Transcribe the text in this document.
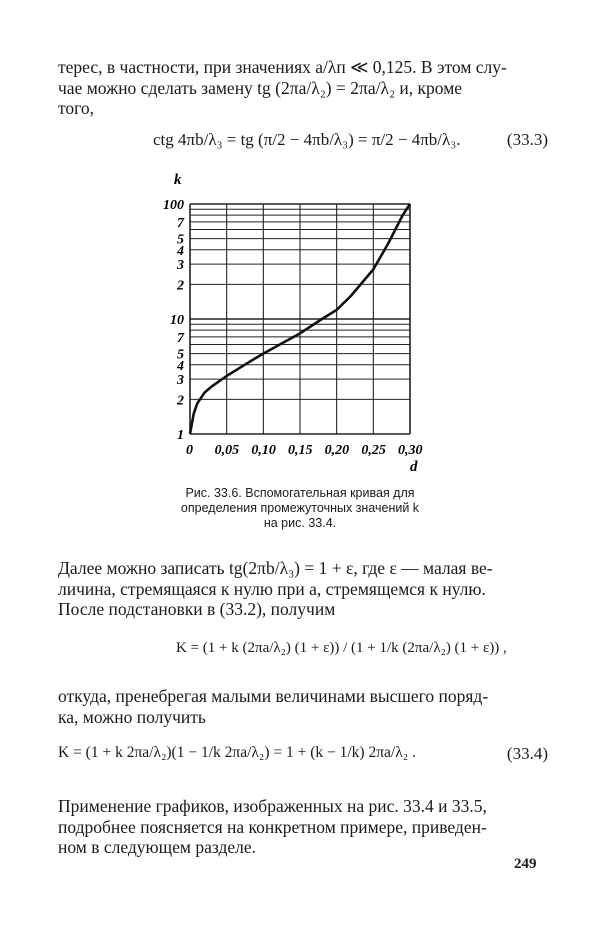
терес, в частности, при значениях a/λп ≪ 0,125. В этом слу-
чае можно сделать замену tg (2πa/λ₂) = 2πa/λ₂ и, кроме
того,
ctg 4πb/λ₃ = tg (π/2 − 4πb/λ₃) = π/2 − 4πb/λ₃.	(33.3)
k
d
0 0,05 0,10 0,15 0,20 0,25 0,30
1
2
3
4
5
7
10
2
3
4
5
7
100
Рис. 33.6. Вспомогательная кривая для
определения промежуточных значений k
на рис. 33.4.
Далее можно записать tg(2πb/λ₃) = 1 + ε, где ε — малая ве-
личина, стремящаяся к нулю при a, стремящемся к нулю.
После подстановки в (33.2), получим
K = (1 + k (2πa/λ₂) (1 + ε)) / (1 + 1/k (2πa/λ₂) (1 + ε)) ,
откуда, пренебрегая малыми величинами высшего поряд-
ка, можно получить
K = (1 + k 2πa/λ₂)(1 − 1/k 2πa/λ₂) = 1 + (k − 1/k) 2πa/λ₂ .	(33.4)
Применение графиков, изображенных на рис. 33.4 и 33.5,
подробнее поясняется на конкретном примере, приведен-
ном в следующем разделе.
249
